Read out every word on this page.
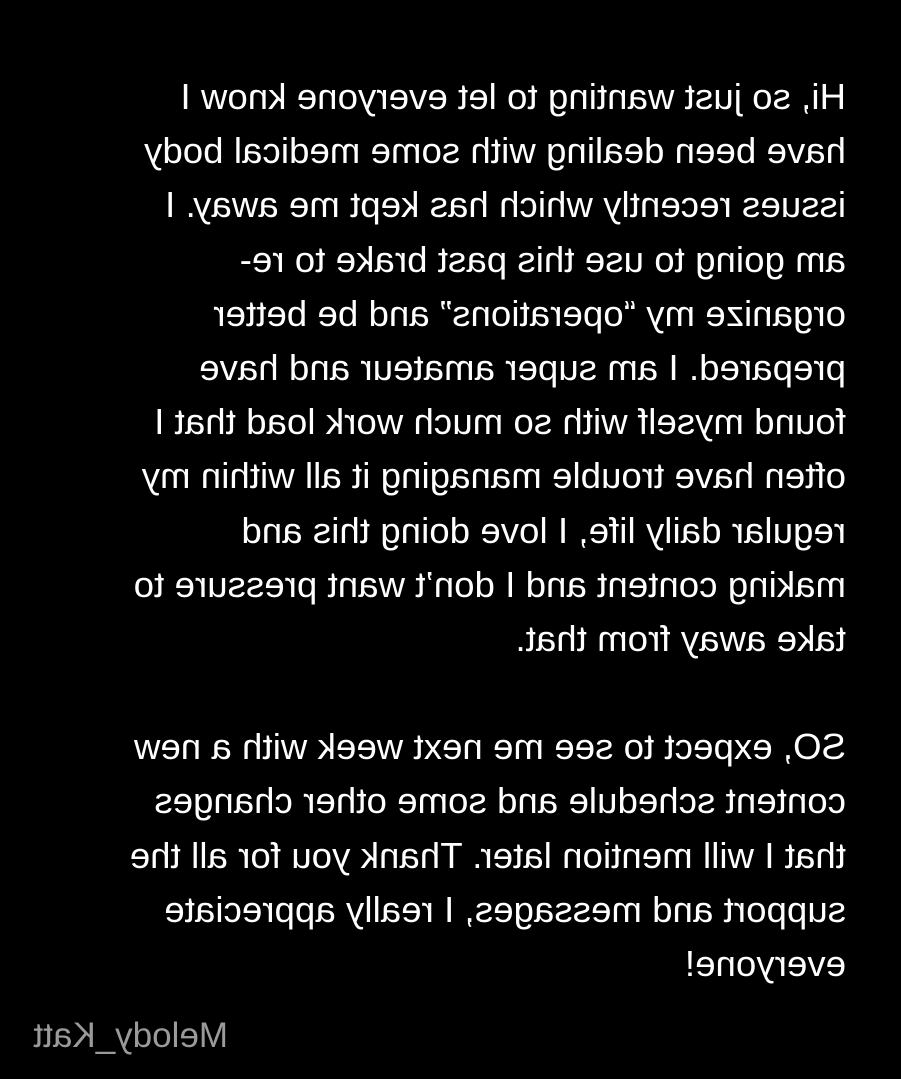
Hi, so just wanting to let everyone know I
have been dealing with some medical body
issues recently which has kept me away. I
am going to use this past brake to re-
organize my “operations” and be better
prepared. I am super amateur and have
found myself with so much work load that I
often have trouble managing it all within my
regular daily life, I love doing this and
making content and I don’t want pressure to
take away from that.
SO, expect to see me next week with a new
content schedule and some other changes
that I will mention later. Thank you for all the
support and messages, I really appreciate
everyone!
Melody_Katt
